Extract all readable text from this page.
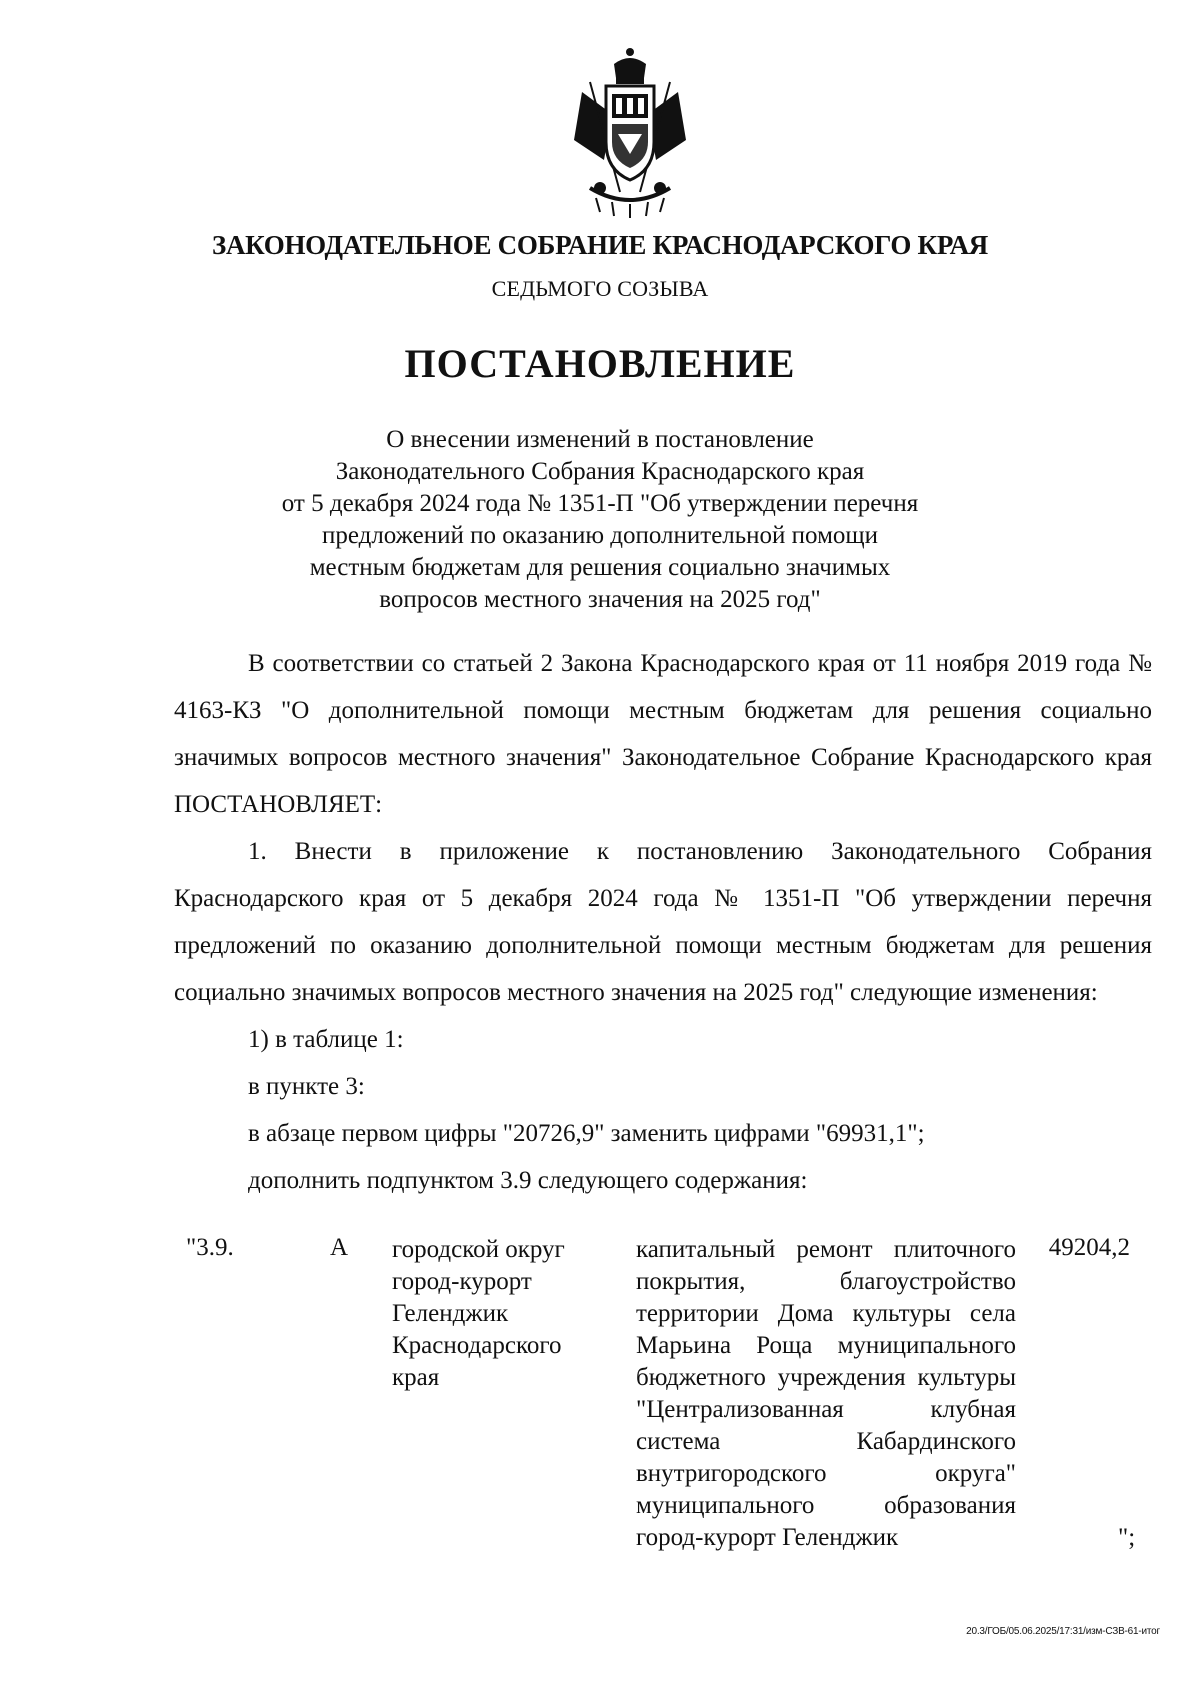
ЗАКОНОДАТЕЛЬНОЕ СОБРАНИЕ КРАСНОДАРСКОГО КРАЯ
СЕДЬМОГО СОЗЫВА
ПОСТАНОВЛЕНИЕ
О внесении изменений в постановление
Законодательного Собрания Краснодарского края
от 5 декабря 2024 года № 1351-П "Об утверждении перечня
предложений по оказанию дополнительной помощи
местным бюджетам для решения социально значимых
вопросов местного значения на 2025 год"

В соответствии со статьей 2 Закона Краснодарского края от 11 ноября 2019 года № 4163-КЗ "О дополнительной помощи местным бюджетам для решения социально значимых вопросов местного значения" Законодательное Собрание Краснодарского края ПОСТАНОВЛЯЕТ:

1. Внести в приложение к постановлению Законодательного Собрания Краснодарского края от 5 декабря 2024 года № 1351-П "Об утверждении перечня предложений по оказанию дополнительной помощи местным бюджетам для решения социально значимых вопросов местного значения на 2025 год" следующие изменения:

1) в таблице 1:

в пункте 3:

в абзаце первом цифры "20726,9" заменить цифрами "69931,1";

дополнить подпунктом 3.9 следующего содержания:

"3.9.	А городской округ город-курорт Геленджик Краснодарского края
капитальный ремонт плиточного покрытия, благоустройство территории Дома культуры села Марьина Роща муниципального бюджетного учреждения культуры "Централизованная клубная система Кабардинского внутригородского округа" муниципального образования город-курорт Геленджик
49204,2
";
20.3/ГОБ/05.06.2025/17:31/изм-СЗВ-61-итог
